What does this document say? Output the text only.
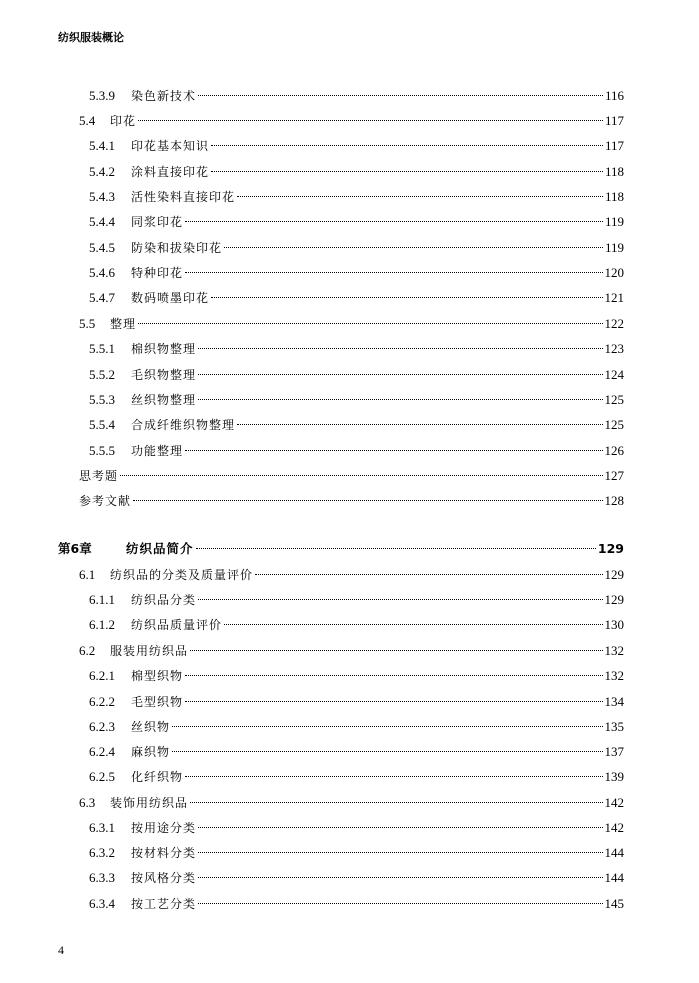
纺织服装概论
5.3.9	染色新技术	116
5.4	印花	117
5.4.1	印花基本知识	117
5.4.2	涂料直接印花	118
5.4.3	活性染料直接印花	118
5.4.4	同浆印花	119
5.4.5	防染和拔染印花	119
5.4.6	特种印花	120
5.4.7	数码喷墨印花	121
5.5	整理	122
5.5.1	棉织物整理	123
5.5.2	毛织物整理	124
5.5.3	丝织物整理	125
5.5.4	合成纤维织物整理	125
5.5.5	功能整理	126
思考题	127
参考文献	128
第6章	纺织品简介	129
6.1	纺织品的分类及质量评价	129
6.1.1	纺织品分类	129
6.1.2	纺织品质量评价	130
6.2	服装用纺织品	132
6.2.1	棉型织物	132
6.2.2	毛型织物	134
6.2.3	丝织物	135
6.2.4	麻织物	137
6.2.5	化纤织物	139
6.3	装饰用纺织品	142
6.3.1	按用途分类	142
6.3.2	按材料分类	144
6.3.3	按风格分类	144
6.3.4	按工艺分类	145
4
